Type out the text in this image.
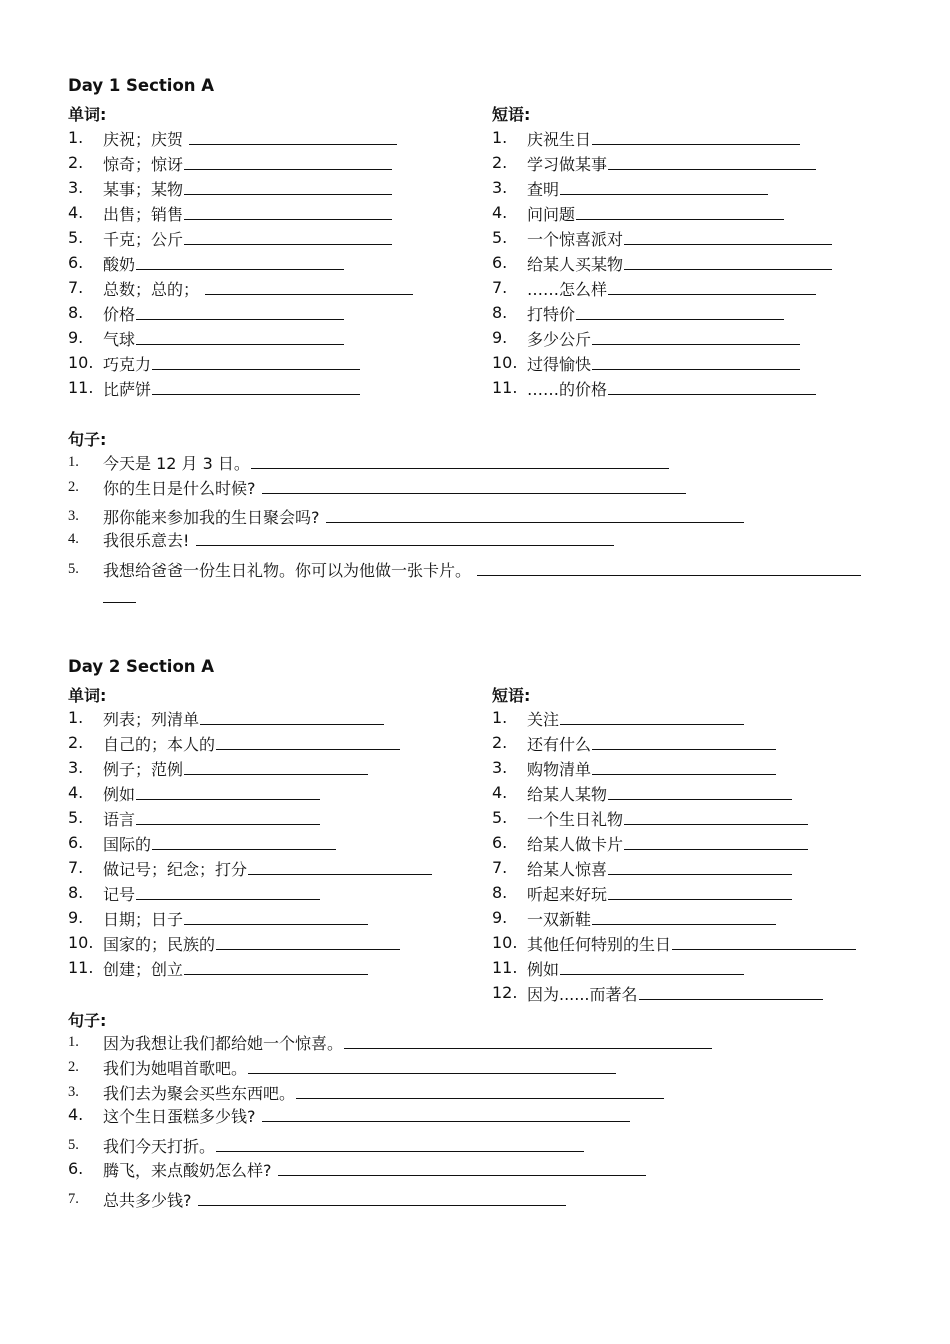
Day 1 Section A
单词:	短语:
1. 庆祝；庆贺
2. 惊奇；惊讶
3. 某事；某物
4. 出售；销售
5. 千克；公斤
6. 酸奶
7. 总数；总的；
8. 价格
9. 气球
10. 巧克力
11. 比萨饼
1. 庆祝生日
2. 学习做某事
3. 查明
4. 问问题
5. 一个惊喜派对
6. 给某人买某物
7. ……怎么样
8. 打特价
9. 多少公斤
10. 过得愉快
11. ……的价格
句子:
1. 今天是 12 月 3 日。
2. 你的生日是什么时候?
3. 那你能来参加我的生日聚会吗?
4. 我很乐意去!
5. 我想给爸爸一份生日礼物。你可以为他做一张卡片。
Day 2 Section A
单词:	短语:
1. 列表；列清单
2. 自己的；本人的
3. 例子；范例
4. 例如
5. 语言
6. 国际的
7. 做记号；纪念；打分
8. 记号
9. 日期；日子
10. 国家的；民族的
11. 创建；创立
1. 关注
2. 还有什么
3. 购物清单
4. 给某人某物
5. 一个生日礼物
6. 给某人做卡片
7. 给某人惊喜
8. 听起来好玩
9. 一双新鞋
10. 其他任何特别的生日
11. 例如
12. 因为......而著名
句子:
1. 因为我想让我们都给她一个惊喜。
2. 我们为她唱首歌吧。
3. 我们去为聚会买些东西吧。
4. 这个生日蛋糕多少钱?
5. 我们今天打折。
6. 腾飞，来点酸奶怎么样?
7. 总共多少钱?
